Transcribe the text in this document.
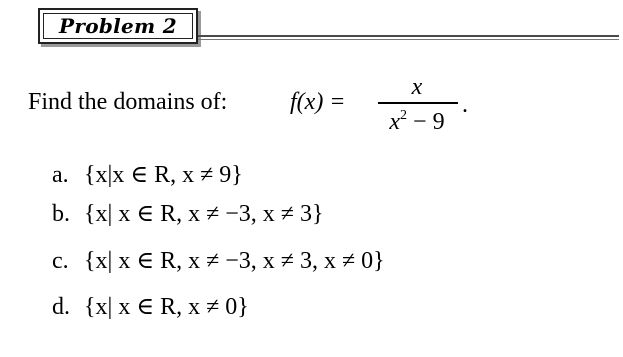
Problem 2
Find the domains of:	f(x) =
x
$x^2 - 9$
.
a. {x|x ∈ R, x ≠ 9}
b. {x| x ∈ R, x ≠ −3, x ≠ 3}
c. {x| x ∈ R, x ≠ −3, x ≠ 3, x ≠ 0}
d. {x| x ∈ R, x ≠ 0}
